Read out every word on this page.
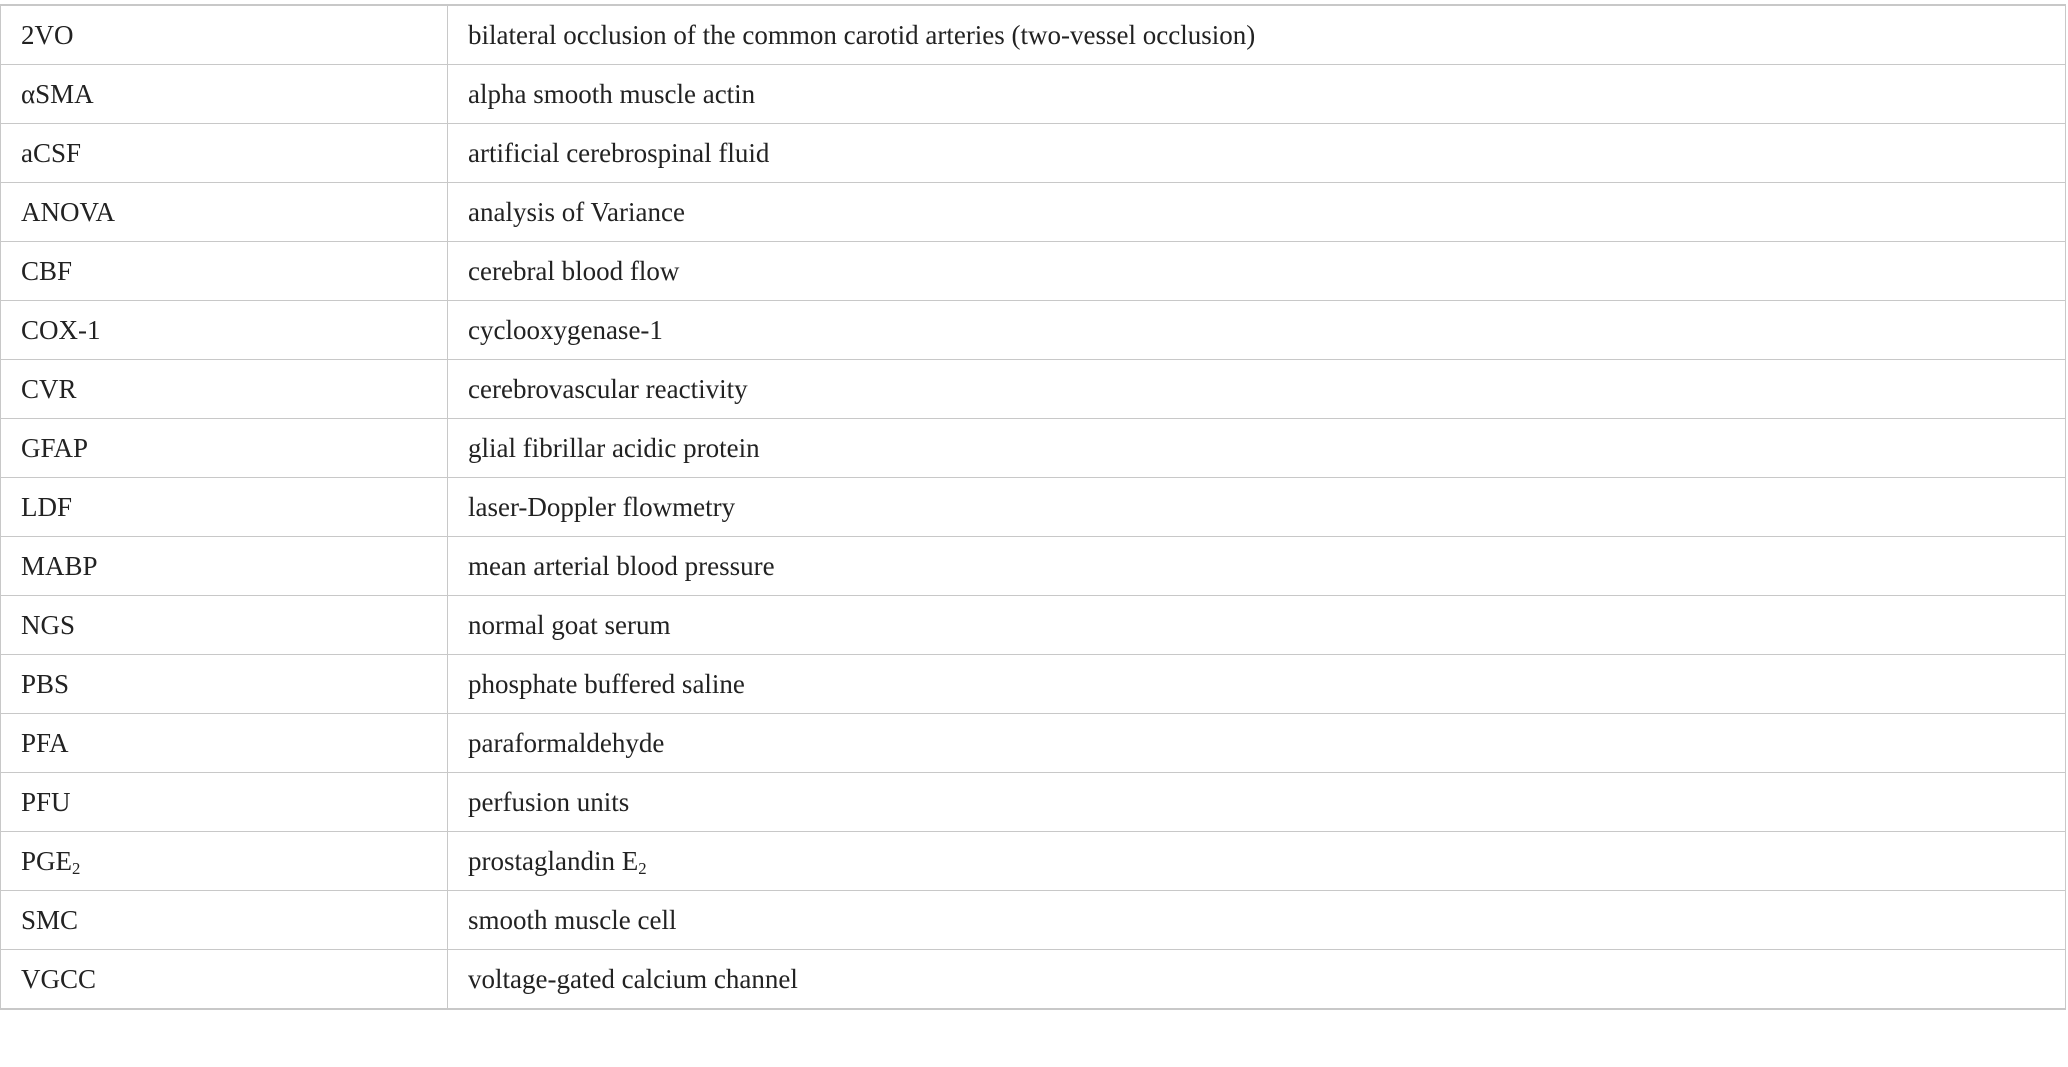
2VO	bilateral occlusion of the common carotid arteries (two-vessel occlusion)
αSMA	alpha smooth muscle actin
aCSF	artificial cerebrospinal fluid
ANOVA	analysis of Variance
CBF	cerebral blood flow
COX-1	cyclooxygenase-1
CVR	cerebrovascular reactivity
GFAP	glial fibrillar acidic protein
LDF	laser-Doppler flowmetry
MABP	mean arterial blood pressure
NGS	normal goat serum
PBS	phosphate buffered saline
PFA	paraformaldehyde
PFU	perfusion units
$PGE_2$	prostaglandin $E_2$
SMC	smooth muscle cell
VGCC	voltage-gated calcium channel
